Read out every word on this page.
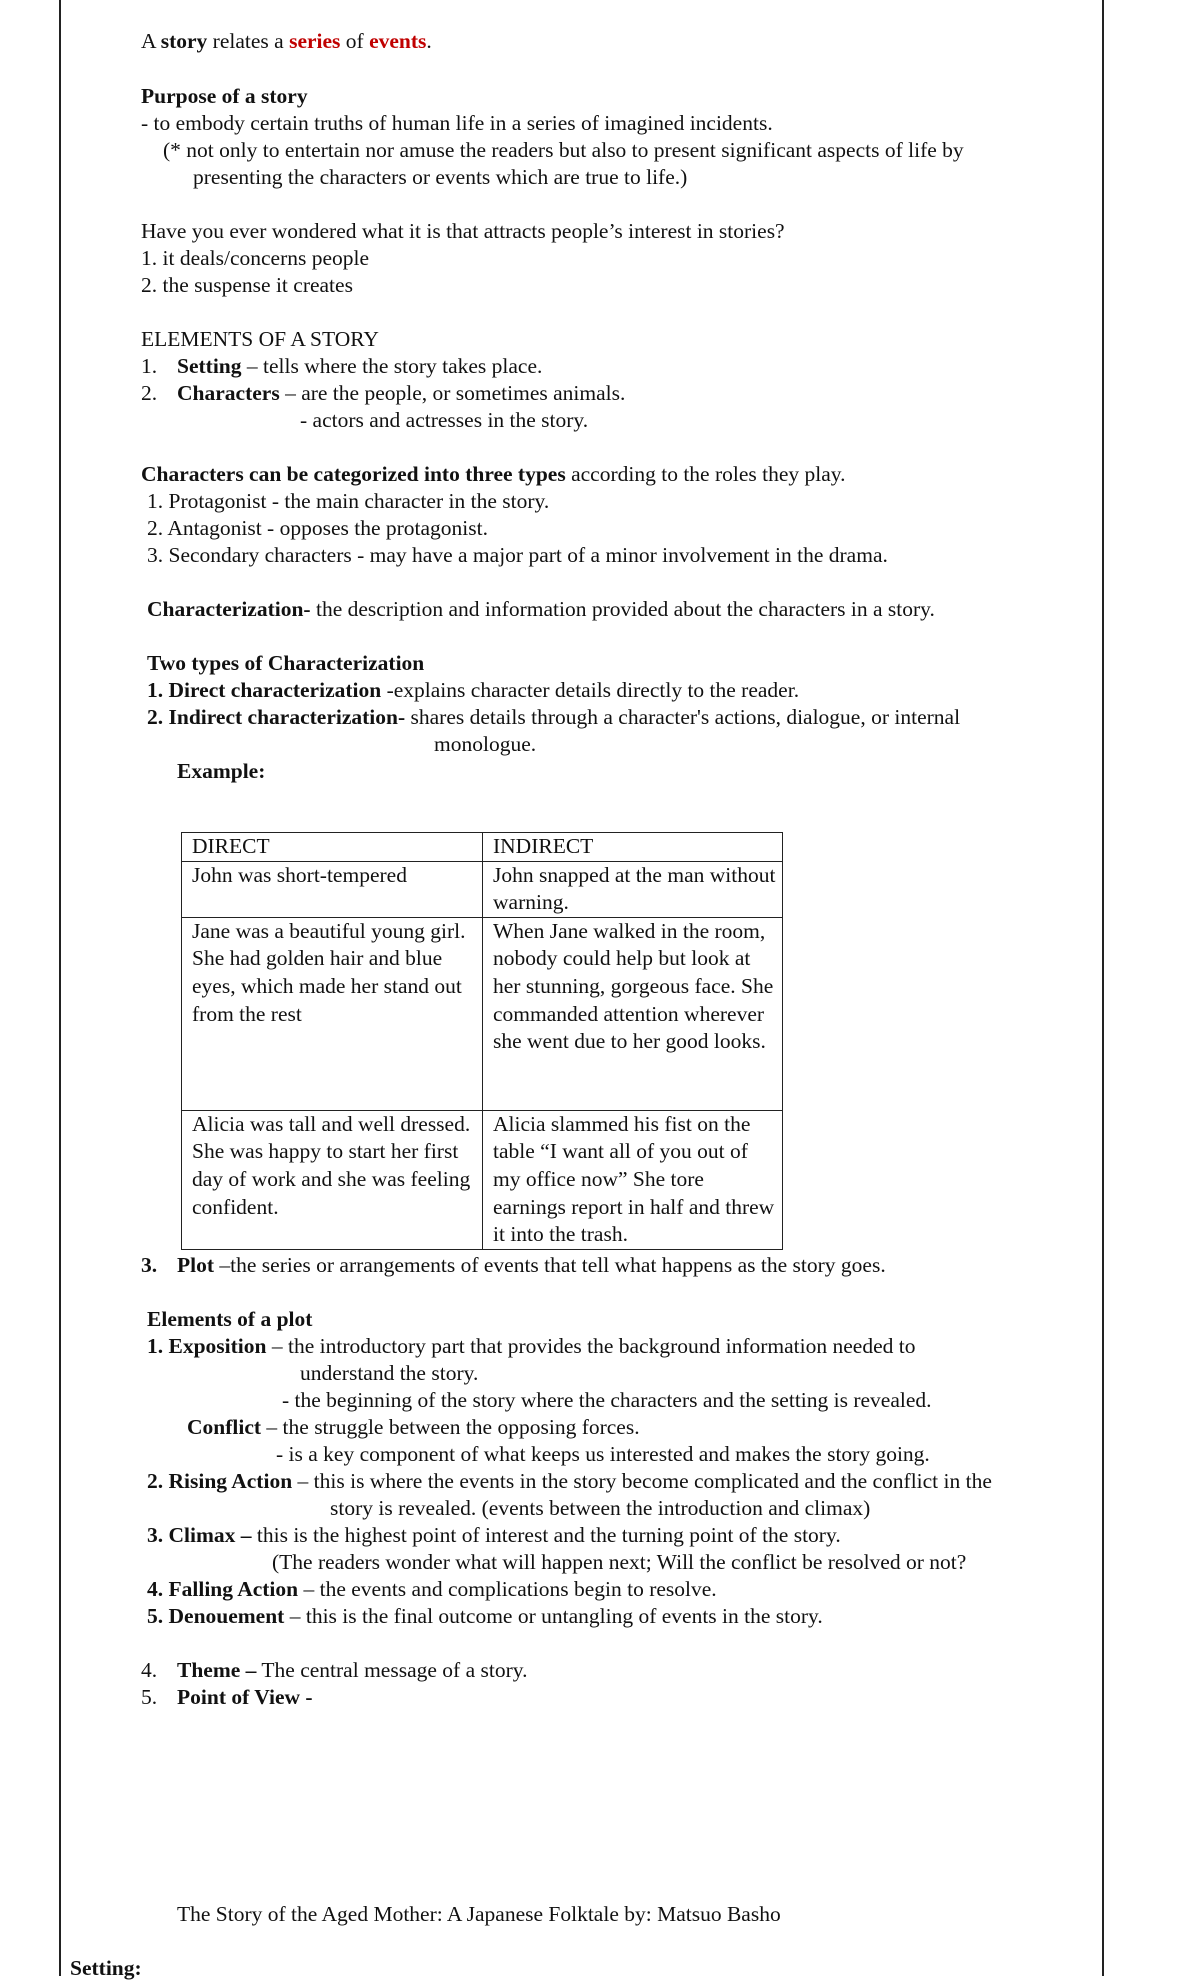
A story relates a series of events.
Purpose of a story
- to embody certain truths of human life in a series of imagined incidents.
(* not only to entertain nor amuse the readers but also to present significant aspects of life by
presenting the characters or events which are true to life.)
Have you ever wondered what it is that attracts people’s interest in stories?
1. it deals/concerns people
2. the suspense it creates
ELEMENTS OF A STORY
1. Setting – tells where the story takes place.
2. Characters – are the people, or sometimes animals.
- actors and actresses in the story.
Characters can be categorized into three types according to the roles they play.
1. Protagonist - the main character in the story.
2. Antagonist - opposes the protagonist.
3. Secondary characters - may have a major part of a minor involvement in the drama.
Characterization- the description and information provided about the characters in a story.
Two types of Characterization
1. Direct characterization -explains character details directly to the reader.
2. Indirect characterization- shares details through a character's actions, dialogue, or internal
monologue.
Example:
DIRECT	INDIRECT
John was short-tempered	John snapped at the man without warning.
Jane was a beautiful young girl. She had golden hair and blue eyes, which made her stand out from the rest	When Jane walked in the room, nobody could help but look at her stunning, gorgeous face. She commanded attention wherever she went due to her good looks.
Alicia was tall and well dressed. She was happy to start her first day of work and she was feeling confident.	Alicia slammed his fist on the table “I want all of you out of my office now” She tore earnings report in half and threw it into the trash.
3. Plot –the series or arrangements of events that tell what happens as the story goes.
Elements of a plot
1. Exposition – the introductory part that provides the background information needed to
understand the story.
- the beginning of the story where the characters and the setting is revealed.
Conflict – the struggle between the opposing forces.
- is a key component of what keeps us interested and makes the story going.
2. Rising Action – this is where the events in the story become complicated and the conflict in the
story is revealed. (events between the introduction and climax)
3. Climax – this is the highest point of interest and the turning point of the story.
(The readers wonder what will happen next; Will the conflict be resolved or not?
4. Falling Action – the events and complications begin to resolve.
5. Denouement – this is the final outcome or untangling of events in the story.
4. Theme – The central message of a story.
5. Point of View -
The Story of the Aged Mother: A Japanese Folktale by: Matsuo Basho
Setting:
